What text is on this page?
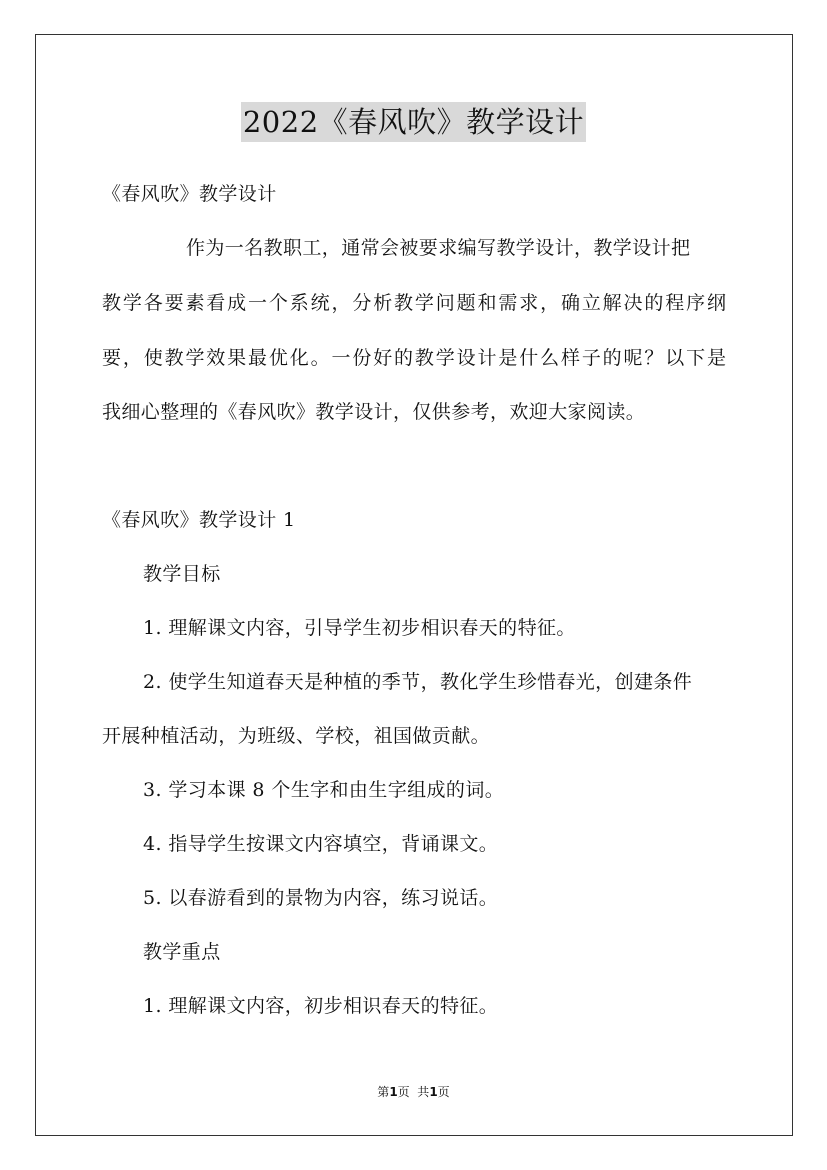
2022《春风吹》教学设计
《春风吹》教学设计
作为一名教职工，通常会被要求编写教学设计，教学设计把
教学各要素看成一个系统，分析教学问题和需求，确立解决的程序纲
要，使教学效果最优化。一份好的教学设计是什么样子的呢？以下是
我细心整理的《春风吹》教学设计，仅供参考，欢迎大家阅读。
《春风吹》教学设计 1
教学目标
1. 理解课文内容，引导学生初步相识春天的特征。
2. 使学生知道春天是种植的季节，教化学生珍惜春光，创建条件
开展种植活动，为班级、学校，祖国做贡献。
3. 学习本课 8 个生字和由生字组成的词。
4. 指导学生按课文内容填空，背诵课文。
5. 以春游看到的景物为内容，练习说话。
教学重点
1. 理解课文内容，初步相识春天的特征。
第1页  共1页
